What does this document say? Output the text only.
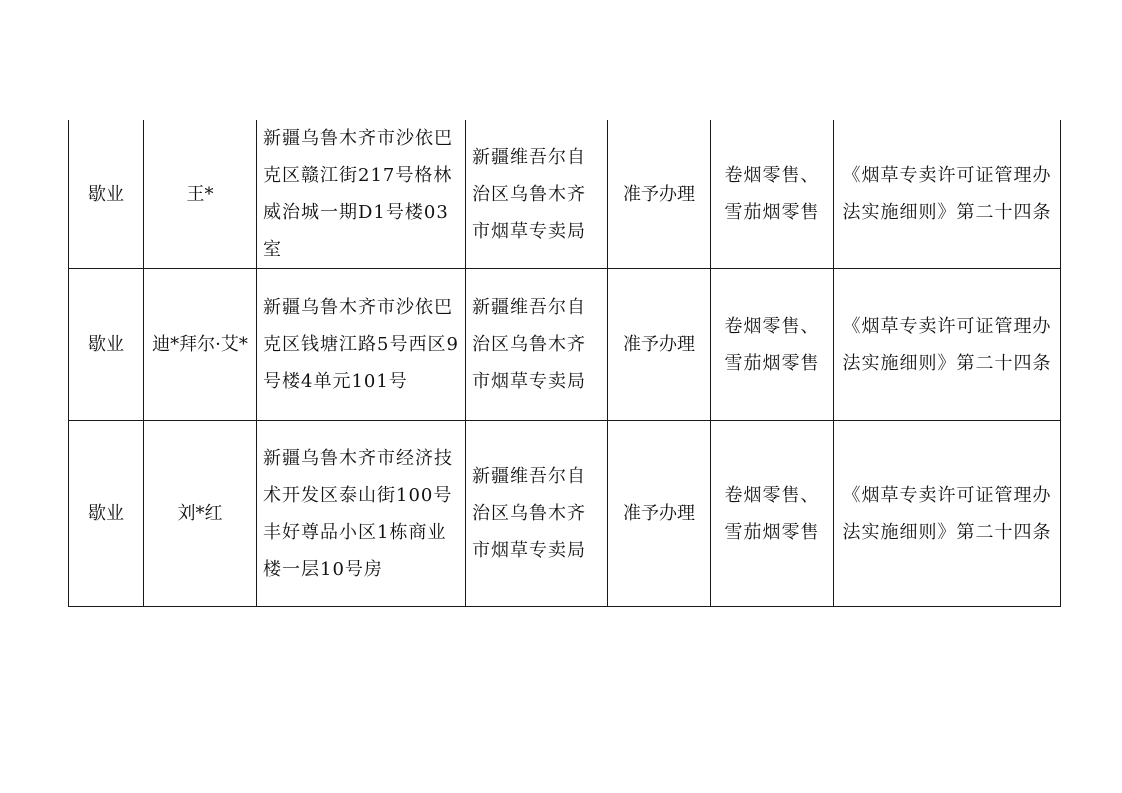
歇业	王*	新疆乌鲁木齐市沙依巴克区赣江街217号格林威治城一期D1号楼03室	新疆维吾尔自治区乌鲁木齐市烟草专卖局	准予办理	卷烟零售、雪茄烟零售	《烟草专卖许可证管理办法实施细则》第二十四条
歇业	迪*拜尔·艾*	新疆乌鲁木齐市沙依巴克区钱塘江路5号西区9号楼4单元101号	新疆维吾尔自治区乌鲁木齐市烟草专卖局	准予办理	卷烟零售、雪茄烟零售	《烟草专卖许可证管理办法实施细则》第二十四条
歇业	刘*红	新疆乌鲁木齐市经济技术开发区泰山街100号丰好尊品小区1栋商业楼一层10号房	新疆维吾尔自治区乌鲁木齐市烟草专卖局	准予办理	卷烟零售、雪茄烟零售	《烟草专卖许可证管理办法实施细则》第二十四条
